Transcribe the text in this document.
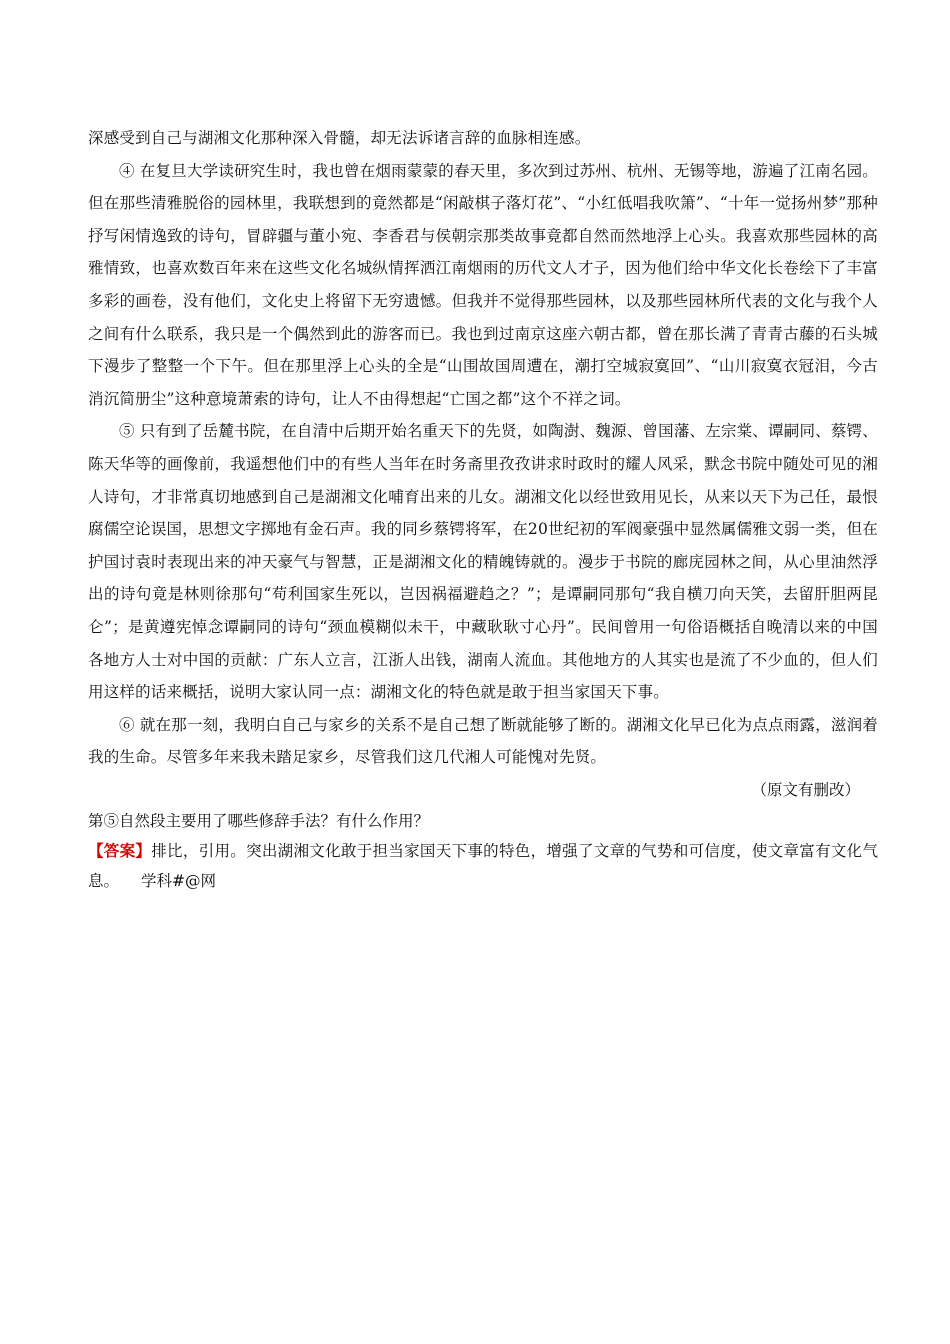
深感受到自己与湖湘文化那种深入骨髓，却无法诉诸言辞的血脉相连感。

④ 在复旦大学读研究生时，我也曾在烟雨蒙蒙的春天里，多次到过苏州、杭州、无锡等地，游遍了江南名园。但在那些清雅脱俗的园林里，我联想到的竟然都是“闲敲棋子落灯花”、“小红低唱我吹箫”、“十年一觉扬州梦”那种抒写闲情逸致的诗句，冒辟疆与董小宛、李香君与侯朝宗那类故事竟都自然而然地浮上心头。我喜欢那些园林的高雅情致，也喜欢数百年来在这些文化名城纵情挥洒江南烟雨的历代文人才子，因为他们给中华文化长卷绘下了丰富多彩的画卷，没有他们，文化史上将留下无穷遗憾。但我并不觉得那些园林，以及那些园林所代表的文化与我个人之间有什么联系，我只是一个偶然到此的游客而已。我也到过南京这座六朝古都，曾在那长满了青青古藤的石头城下漫步了整整一个下午。但在那里浮上心头的全是“山围故国周遭在，潮打空城寂寞回”、“山川寂寞衣冠泪，今古消沉简册尘”这种意境萧索的诗句，让人不由得想起“亡国之都”这个不祥之词。

⑤ 只有到了岳麓书院，在自清中后期开始名重天下的先贤，如陶澍、魏源、曾国藩、左宗棠、谭嗣同、蔡锷、陈天华等的画像前，我遥想他们中的有些人当年在时务斋里孜孜讲求时政时的耀人风采，默念书院中随处可见的湘人诗句，才非常真切地感到自己是湖湘文化哺育出来的儿女。湖湘文化以经世致用见长，从来以天下为己任，最恨腐儒空论误国，思想文字掷地有金石声。我的同乡蔡锷将军，在20世纪初的军阀豪强中显然属儒雅文弱一类，但在护国讨袁时表现出来的冲天豪气与智慧，正是湖湘文化的精魄铸就的。漫步于书院的廊庑园林之间，从心里油然浮出的诗句竟是林则徐那句“苟利国家生死以，岂因祸福避趋之？”；是谭嗣同那句“我自横刀向天笑，去留肝胆两昆仑”；是黄遵宪悼念谭嗣同的诗句“颈血模糊似未干，中藏耿耿寸心丹”。民间曾用一句俗语概括自晚清以来的中国各地方人士对中国的贡献：广东人立言，江浙人出钱，湖南人流血。其他地方的人其实也是流了不少血的，但人们用这样的话来概括，说明大家认同一点：湖湘文化的特色就是敢于担当家国天下事。

⑥ 就在那一刻，我明白自己与家乡的关系不是自己想了断就能够了断的。湖湘文化早已化为点点雨露，滋润着我的生命。尽管多年来我未踏足家乡，尽管我们这几代湘人可能愧对先贤。

（原文有删改）

第⑤自然段主要用了哪些修辞手法？有什么作用？

【答案】排比，引用。突出湖湘文化敢于担当家国天下事的特色，增强了文章的气势和可信度，使文章富有文化气息。 学科#@网
